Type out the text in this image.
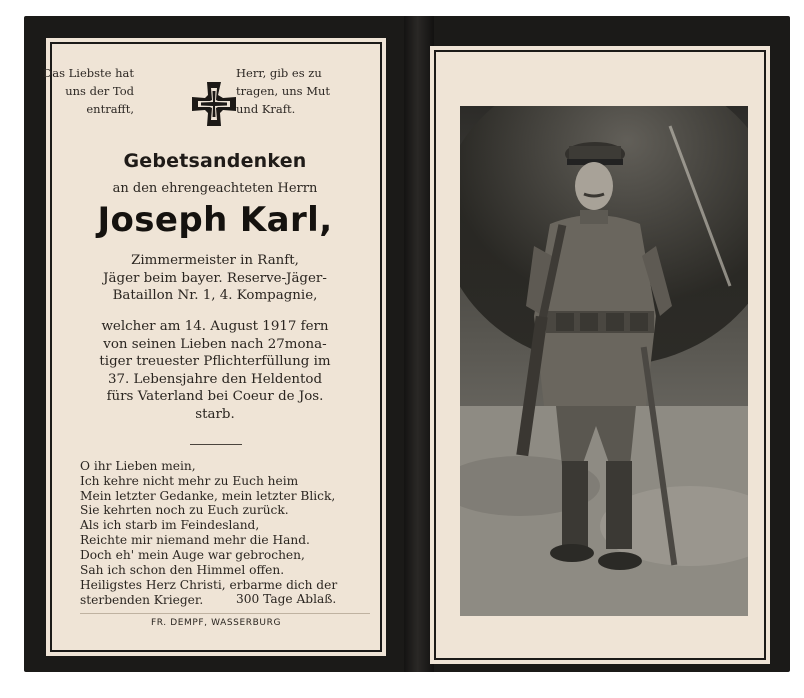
Das Liebste hat
uns der Tod
entrafft,
Herr, gib es zu
tragen, uns Mut
und Kraft.
Gebetsandenken
an den ehrengeachteten Herrn
Joseph Karl,
Zimmermeister in Ranft,
Jäger beim bayer. Reserve-Jäger-
Bataillon Nr. 1, 4. Kompagnie,
welcher am 14. August 1917 fern
von seinen Lieben nach 27mona-
tiger treuester Pflichterfüllung im
37. Lebensjahre den Heldentod
fürs Vaterland bei Coeur de Jos.
starb.
O ihr Lieben mein,
Ich kehre nicht mehr zu Euch heim
Mein letzter Gedanke, mein letzter Blick,
Sie kehrten noch zu Euch zurück.
Als ich starb im Feindesland,
Reichte mir niemand mehr die Hand.
Doch eh' mein Auge war gebrochen,
Sah ich schon den Himmel offen.
Heiligstes Herz Christi, erbarme dich der
sterbenden Krieger.	300 Tage Ablaß.
FR. DEMPF, WASSERBURG
